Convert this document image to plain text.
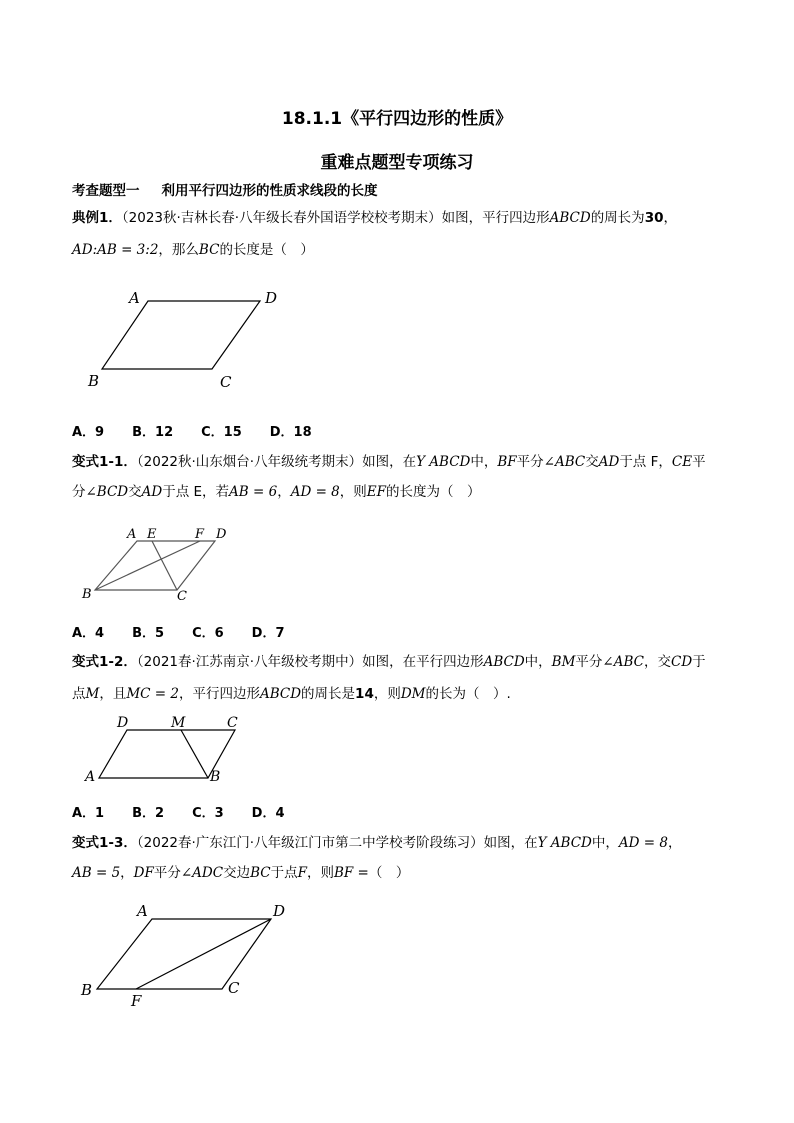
18.1.1《平行四边形的性质》
重难点题型专项练习
考查题型一 利用平行四边形的性质求线段的长度
典例1．（2023秋·吉林长春·八年级长春外国语学校校考期末）如图，平行四边形ABCD的周长为30，
AD:AB = 3:2，那么BC的长度是（　）
A	D
B	C
A E	F D
B	C
D	M	C
A	B
A	D
B
F
C
A．9 B．12 C．15 D．18
变式1-1．（2022秋·山东烟台·八年级统考期末）如图，在Y ABCD中，BF平分∠ABC交AD于点 F，CE平
分∠BCD交AD于点 E，若AB = 6，AD = 8，则EF的长度为（　）
A．4 B．5 C．6 D．7
变式1-2．（2021春·江苏南京·八年级校考期中）如图，在平行四边形ABCD中，BM平分∠ABC，交CD于
点M，且MC = 2，平行四边形ABCD的周长是14，则DM的长为（　）.
A．1 B．2 C．3 D．4
变式1-3．（2022春·广东江门·八年级江门市第二中学校考阶段练习）如图，在Y ABCD中，AD = 8，
AB = 5，DF平分∠ADC交边BC于点F，则BF =（　）
